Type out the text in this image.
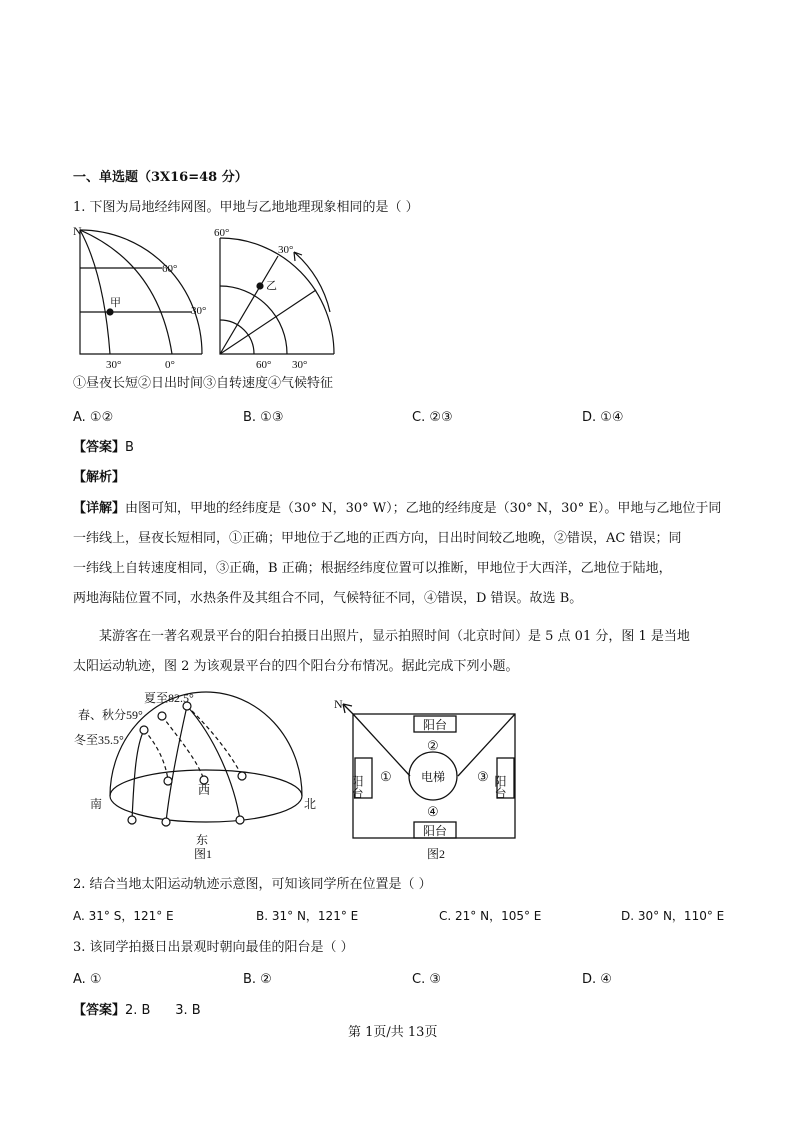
一、单选题（3X16=48 分）
1. 下图为局地经纬网图。甲地与乙地地理现象相同的是（ ）
N
60°
30°
甲
30°	0°
60°
30°
乙
60° 30°
①昼夜长短②日出时间③自转速度④气候特征
A. ①②	B. ①③	C. ②③	D. ①④
【答案】B
【解析】
【详解】由图可知，甲地的经纬度是（30° N，30° W）；乙地的经纬度是（30° N，30° E）。甲地与乙地位于同
一纬线上，昼夜长短相同，①正确；甲地位于乙地的正西方向，日出时间较乙地晚，②错误，AC 错误；同
一纬线上自转速度相同，③正确，B 正确；根据经纬度位置可以推断，甲地位于大西洋，乙地位于陆地，
两地海陆位置不同，水热条件及其组合不同，气候特征不同，④错误，D 错误。故选 B。
某游客在一著名观景平台的阳台拍摄日出照片，显示拍照时间（北京时间）是 5 点 01 分，图 1 是当地
太阳运动轨迹，图 2 为该观景平台的四个阳台分布情况。据此完成下列小题。
夏至82.5°
春、秋分59°
冬至35.5°
南	北
西
东
图1
N
阳台
②
阳台 ① 电梯 ③ 阳台
④
阳台
图2
2. 结合当地太阳运动轨迹示意图，可知该同学所在位置是（ ）
A. 31° S，121° E	B. 31° N，121° E	C. 21° N，105° E	D. 30° N，110° E
3. 该同学拍摄日出景观时朝向最佳的阳台是（ ）
A. ①	B. ②	C. ③	D. ④
【答案】2. B      3. B
第 1页/共 13页
